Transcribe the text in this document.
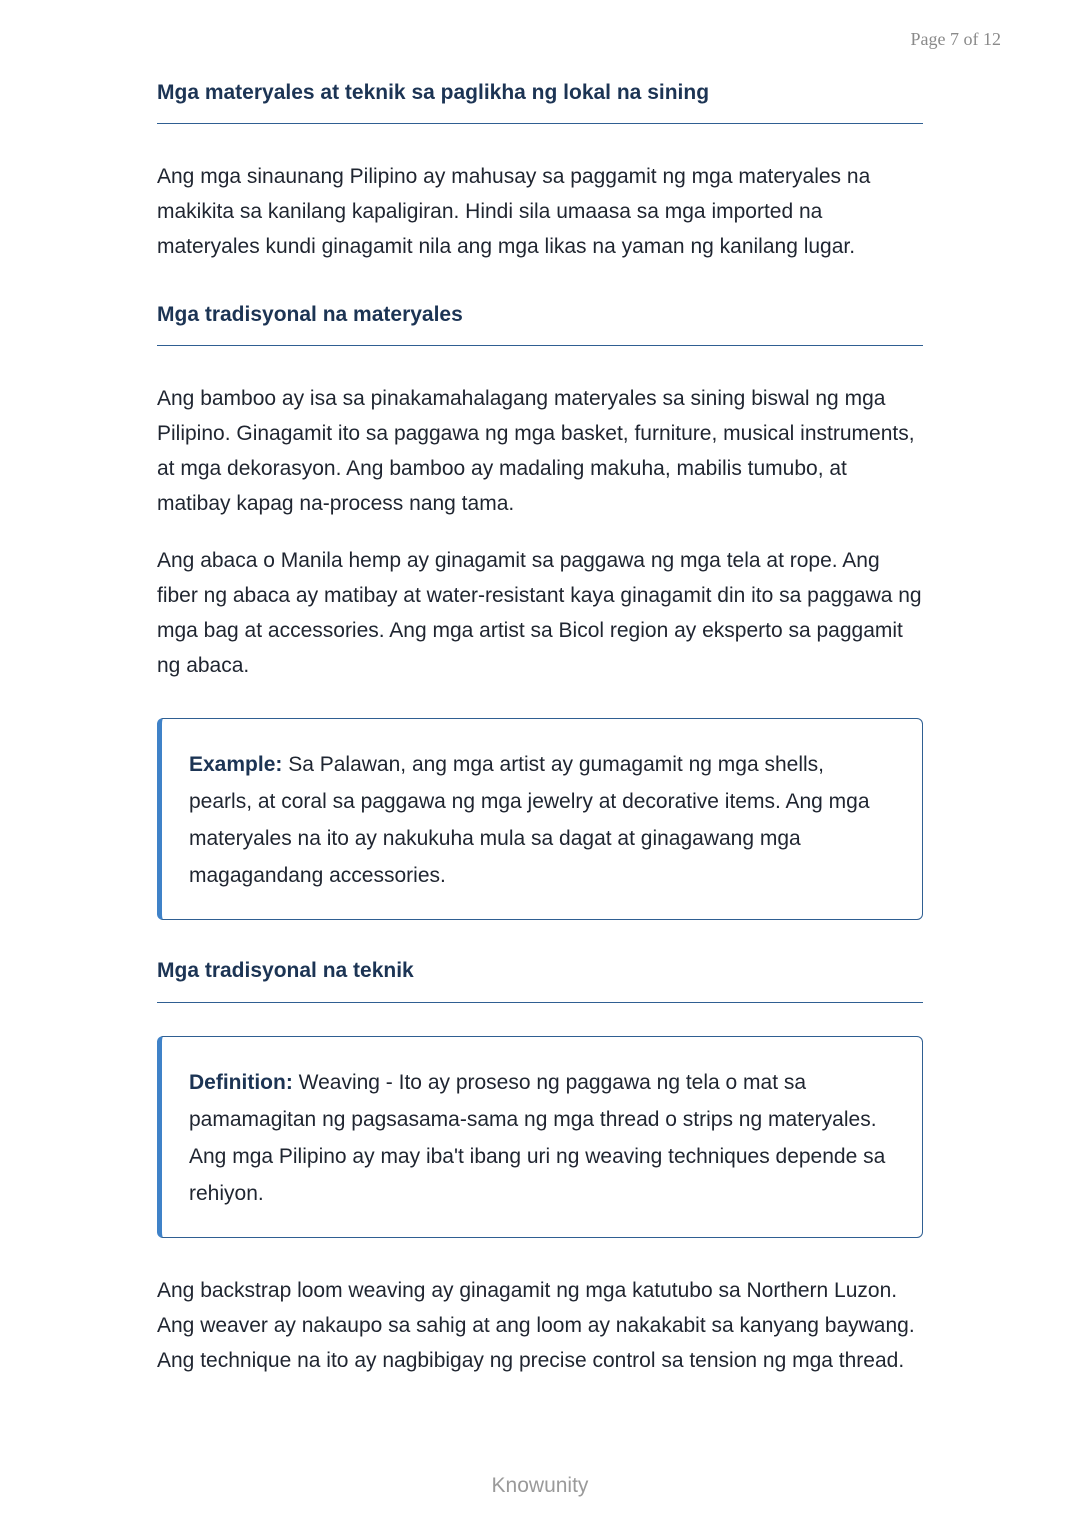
Page 7 of 12
Mga materyales at teknik sa paglikha ng lokal na sining

Ang mga sinaunang Pilipino ay mahusay sa paggamit ng mga materyales na makikita sa kanilang kapaligiran. Hindi sila umaasa sa mga imported na materyales kundi ginagamit nila ang mga likas na yaman ng kanilang lugar.

Mga tradisyonal na materyales

Ang bamboo ay isa sa pinakamahalagang materyales sa sining biswal ng mga Pilipino. Ginagamit ito sa paggawa ng mga basket, furniture, musical instruments, at mga dekorasyon. Ang bamboo ay madaling makuha, mabilis tumubo, at matibay kapag na-process nang tama.

Ang abaca o Manila hemp ay ginagamit sa paggawa ng mga tela at rope. Ang fiber ng abaca ay matibay at water-resistant kaya ginagamit din ito sa paggawa ng mga bag at accessories. Ang mga artist sa Bicol region ay eksperto sa paggamit ng abaca.

Example: Sa Palawan, ang mga artist ay gumagamit ng mga shells, pearls, at coral sa paggawa ng mga jewelry at decorative items. Ang mga materyales na ito ay nakukuha mula sa dagat at ginagawang mga magagandang accessories.
Mga tradisyonal na teknik
Definition: Weaving - Ito ay proseso ng paggawa ng tela o mat sa pamamagitan ng pagsasama-sama ng mga thread o strips ng materyales. Ang mga Pilipino ay may iba't ibang uri ng weaving techniques depende sa rehiyon.

Ang backstrap loom weaving ay ginagamit ng mga katutubo sa Northern Luzon. Ang weaver ay nakaupo sa sahig at ang loom ay nakakabit sa kanyang baywang. Ang technique na ito ay nagbibigay ng precise control sa tension ng mga thread.

Knowunity
